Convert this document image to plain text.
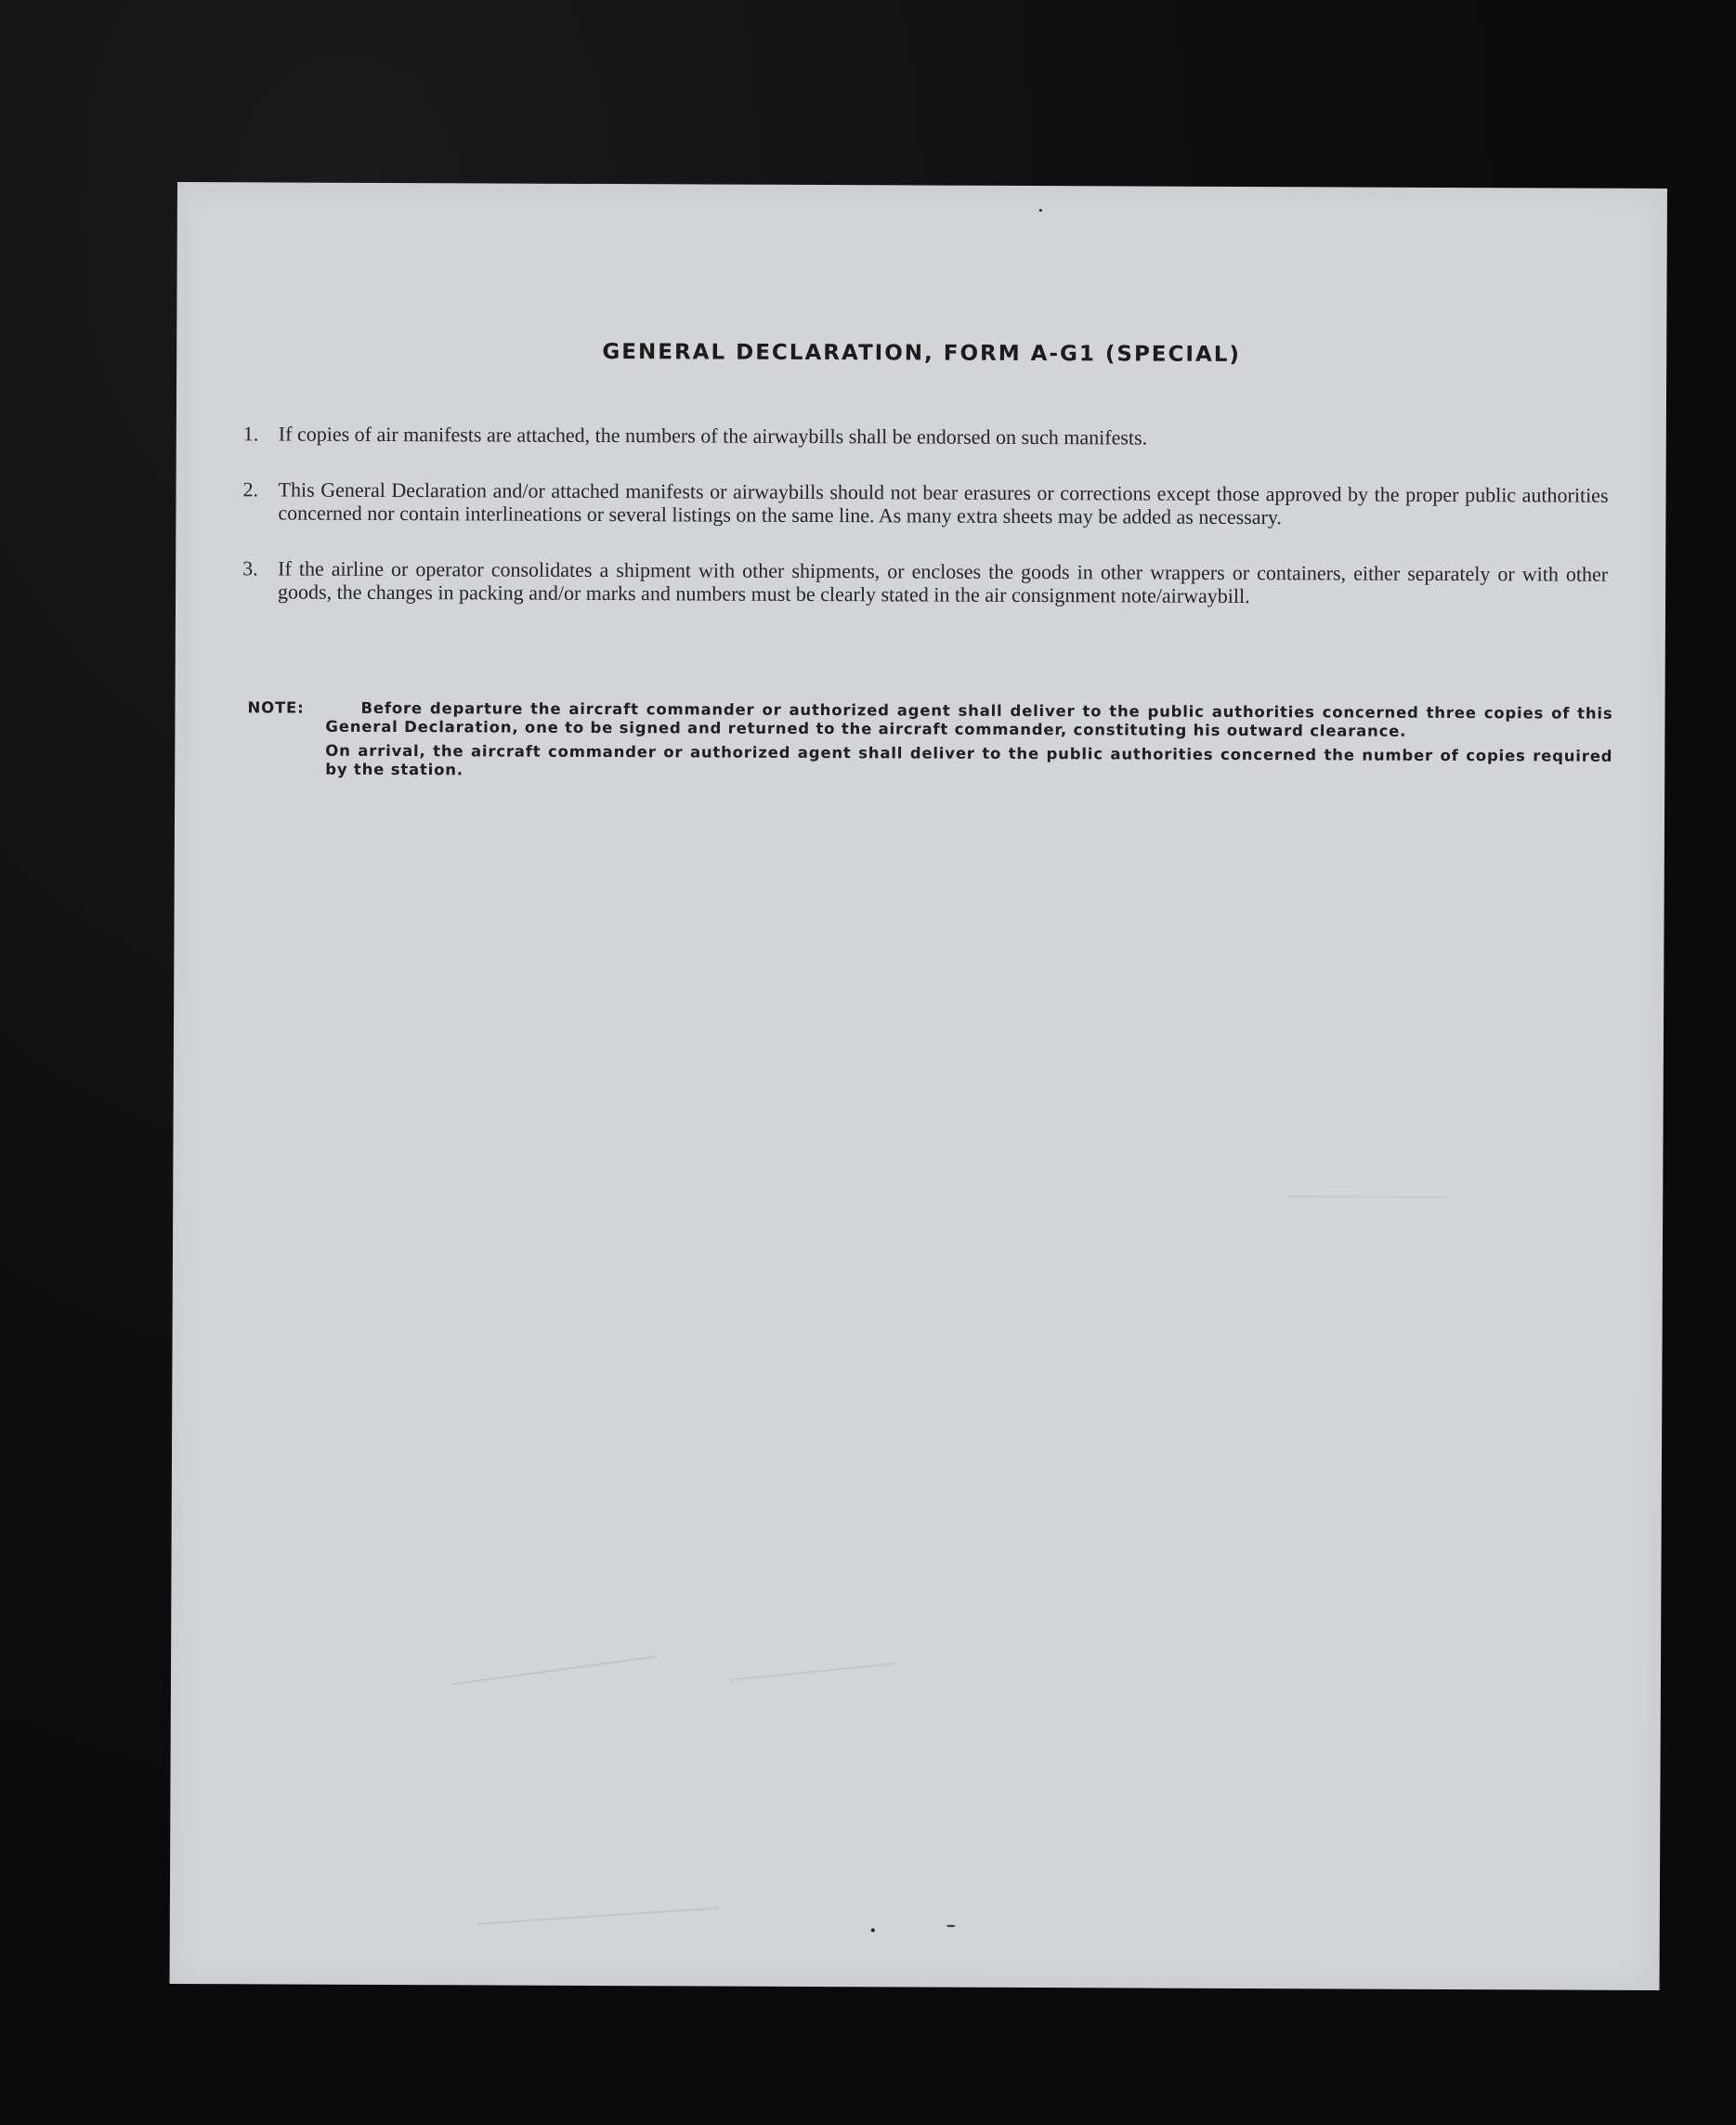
GENERAL DECLARATION, FORM A-G1 (SPECIAL)
1. If copies of air manifests are attached, the numbers of the airwaybills shall be endorsed on such manifests.
2. This General Declaration and/or attached manifests or airwaybills should not bear erasures or corrections except those approved by the proper public authorities concerned nor contain interlineations or several listings on the same line. As many extra sheets may be added as necessary.
3. If the airline or operator consolidates a shipment with other shipments, or encloses the goods in other wrappers or containers, either separately or with other goods, the changes in packing and/or marks and numbers must be clearly stated in the air consignment note/airwaybill.
NOTE:	Before departure the aircraft commander or authorized agent shall deliver to the public authorities concerned three copies of this General Declaration, one to be signed and returned to the aircraft commander, constituting his outward clearance.

On arrival, the aircraft commander or authorized agent shall deliver to the public authorities concerned the number of copies required by the station.
